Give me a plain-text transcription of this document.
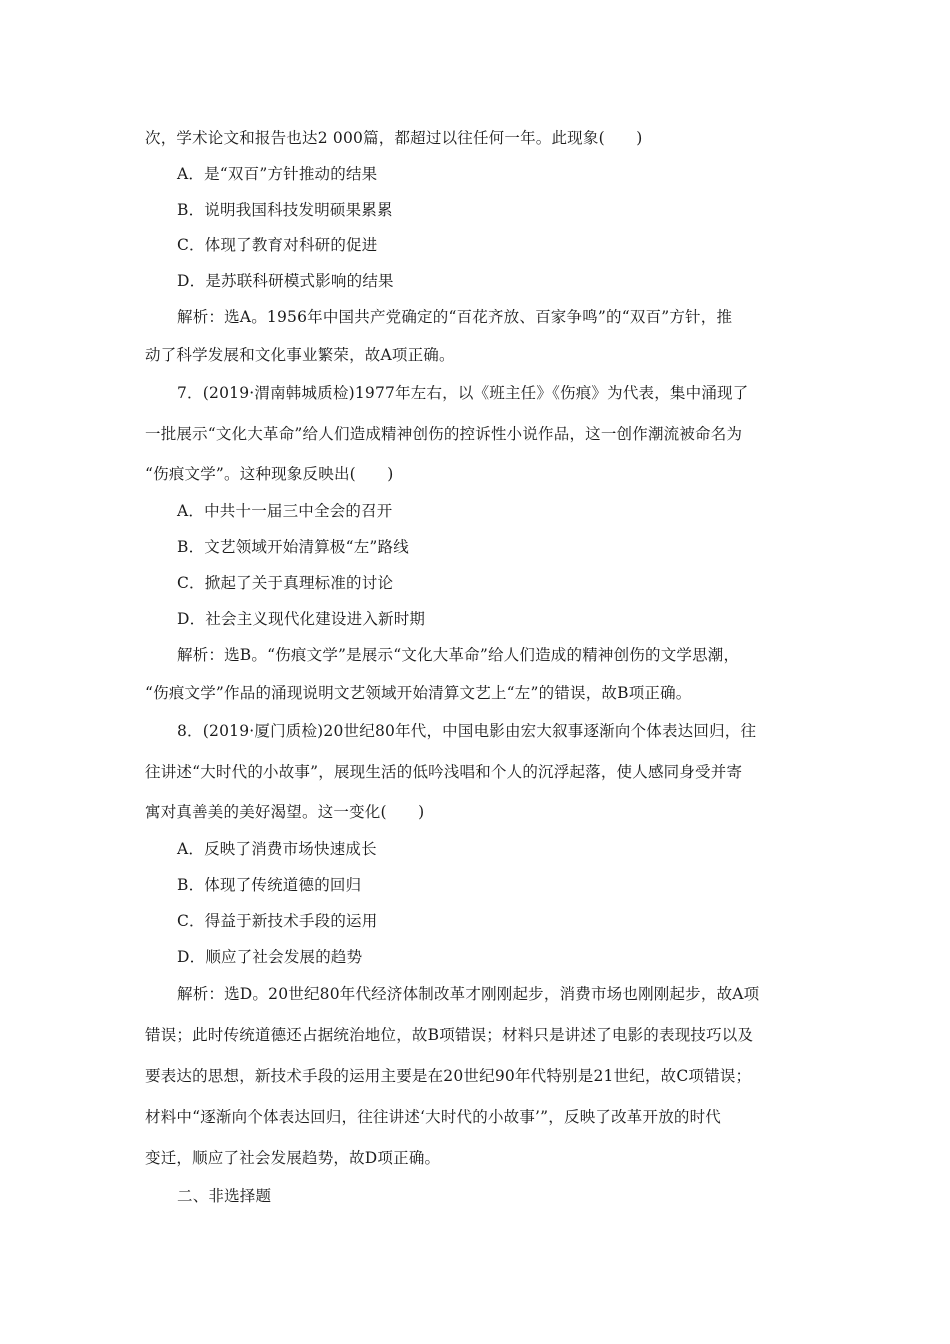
次，学术论文和报告也达2 000篇，都超过以往任何一年。此现象(　　)
A．是“双百”方针推动的结果
B．说明我国科技发明硕果累累
C．体现了教育对科研的促进
D．是苏联科研模式影响的结果
解析：选A。1956年中国共产党确定的“百花齐放、百家争鸣”的“双百”方针，推
动了科学发展和文化事业繁荣，故A项正确。
7．(2019·渭南韩城质检)1977年左右，以《班主任》《伤痕》为代表，集中涌现了
一批展示“文化大革命”给人们造成精神创伤的控诉性小说作品，这一创作潮流被命名为
“伤痕文学”。这种现象反映出(　　)
A．中共十一届三中全会的召开
B．文艺领域开始清算极“左”路线
C．掀起了关于真理标准的讨论
D．社会主义现代化建设进入新时期
解析：选B。“伤痕文学”是展示“文化大革命”给人们造成的精神创伤的文学思潮，
“伤痕文学”作品的涌现说明文艺领域开始清算文艺上“左”的错误，故B项正确。
8．(2019·厦门质检)20世纪80年代，中国电影由宏大叙事逐渐向个体表达回归，往
往讲述“大时代的小故事”，展现生活的低吟浅唱和个人的沉浮起落，使人感同身受并寄
寓对真善美的美好渴望。这一变化(　　)
A．反映了消费市场快速成长
B．体现了传统道德的回归
C．得益于新技术手段的运用
D．顺应了社会发展的趋势
解析：选D。20世纪80年代经济体制改革才刚刚起步，消费市场也刚刚起步，故A项
错误；此时传统道德还占据统治地位，故B项错误；材料只是讲述了电影的表现技巧以及
要表达的思想，新技术手段的运用主要是在20世纪90年代特别是21世纪，故C项错误；
材料中“逐渐向个体表达回归，往往讲述‘大时代的小故事’”，反映了改革开放的时代
变迁，顺应了社会发展趋势，故D项正确。
二、非选择题
